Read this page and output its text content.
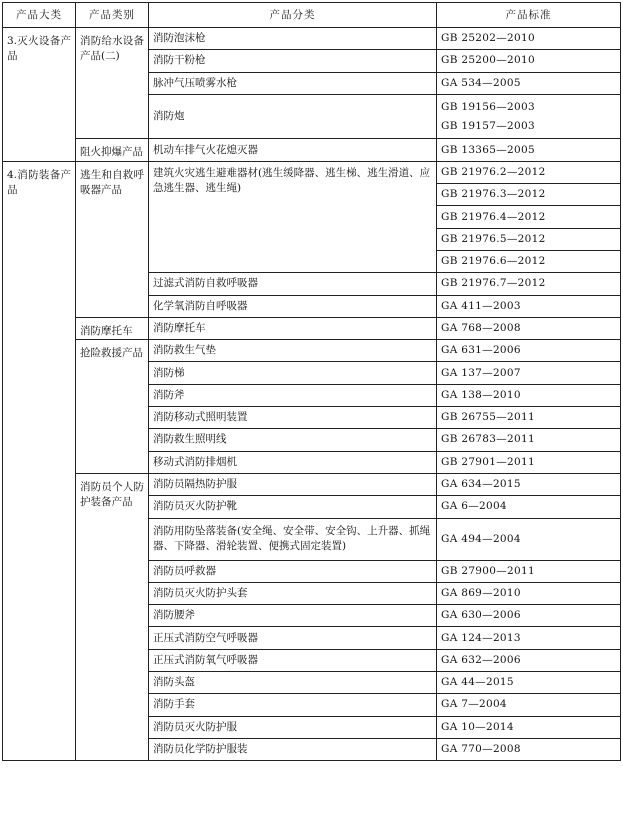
产品大类	产品类别	产品分类	产品标准

3.灭火设备产品	消防给水设备产品(二)	消防泡沫枪	GB 25202—2010

		消防干粉枪	GB 25200—2010

		脉冲气压喷雾水枪	GA 534—2005

		消防炮	GB 19156—2003
GB 19157—2003

	阻火抑爆产品	机动车排气火花熄灭器	GB 13365—2005

4.消防装备产品	逃生和自救呼吸器产品	建筑火灾逃生避难器材(逃生缓降器、逃生梯、逃生滑道、应急逃生器、逃生绳)	GB 21976.2—2012
			GB 21976.3—2012
			GB 21976.4—2012
			GB 21976.5—2012
			GB 21976.6—2012
		过滤式消防自救呼吸器	GB 21976.7—2012

		化学氧消防自呼吸器	GA 411—2003

	消防摩托车	消防摩托车	GA 768—2008

	抢险救援产品	消防救生气垫	GA 631—2006

		消防梯	GA 137—2007

		消防斧	GA 138—2010

		消防移动式照明装置	GB 26755—2011

		消防救生照明线	GB 26783—2011

		移动式消防排烟机	GB 27901—2011

	消防员个人防护装备产品	消防员隔热防护服	GA 634—2015

		消防员灭火防护靴	GA 6—2004

		消防用防坠落装备(安全绳、安全带、安全钩、上升器、抓绳器、下降器、滑轮装置、便携式固定装置)	GA 494—2004

		消防员呼救器	GB 27900—2011

		消防员灭火防护头套	GA 869—2010

		消防腰斧	GA 630—2006

		正压式消防空气呼吸器	GA 124—2013

		正压式消防氧气呼吸器	GA 632—2006

		消防头盔	GA 44—2015

		消防手套	GA 7—2004

		消防员灭火防护服	GA 10—2014

		消防员化学防护服装	GA 770—2008
